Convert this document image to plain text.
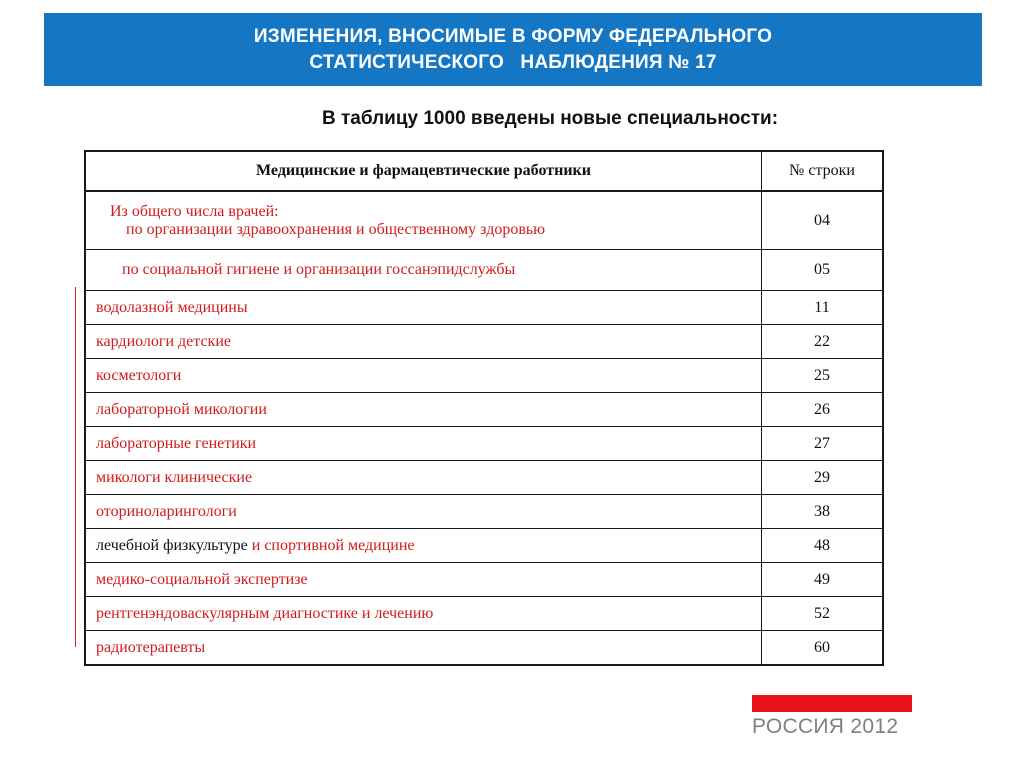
ИЗМЕНЕНИЯ, ВНОСИМЫЕ В ФОРМУ ФЕДЕРАЛЬНОГО
СТАТИСТИЧЕСКОГО   НАБЛЮДЕНИЯ № 17
В таблицу 1000 введены новые специальности:
Медицинские и фармацевтические работники	№ строки

Из общего числа врачей:
по организации здравоохранения и общественному здоровью	04

по социальной гигиене и организации госсанэпидслужбы	05
водолазной медицины	11
кардиологи детские	22
косметологи	25
лабораторной микологии	26
лабораторные генетики	27
микологи клинические	29
оториноларингологи	38
лечебной физкультуре и спортивной медицине	48
медико-социальной экспертизе	49
рентгенэндоваскулярным диагностике и лечению	52
радиотерапевты	60
РОССИЯ 2012
